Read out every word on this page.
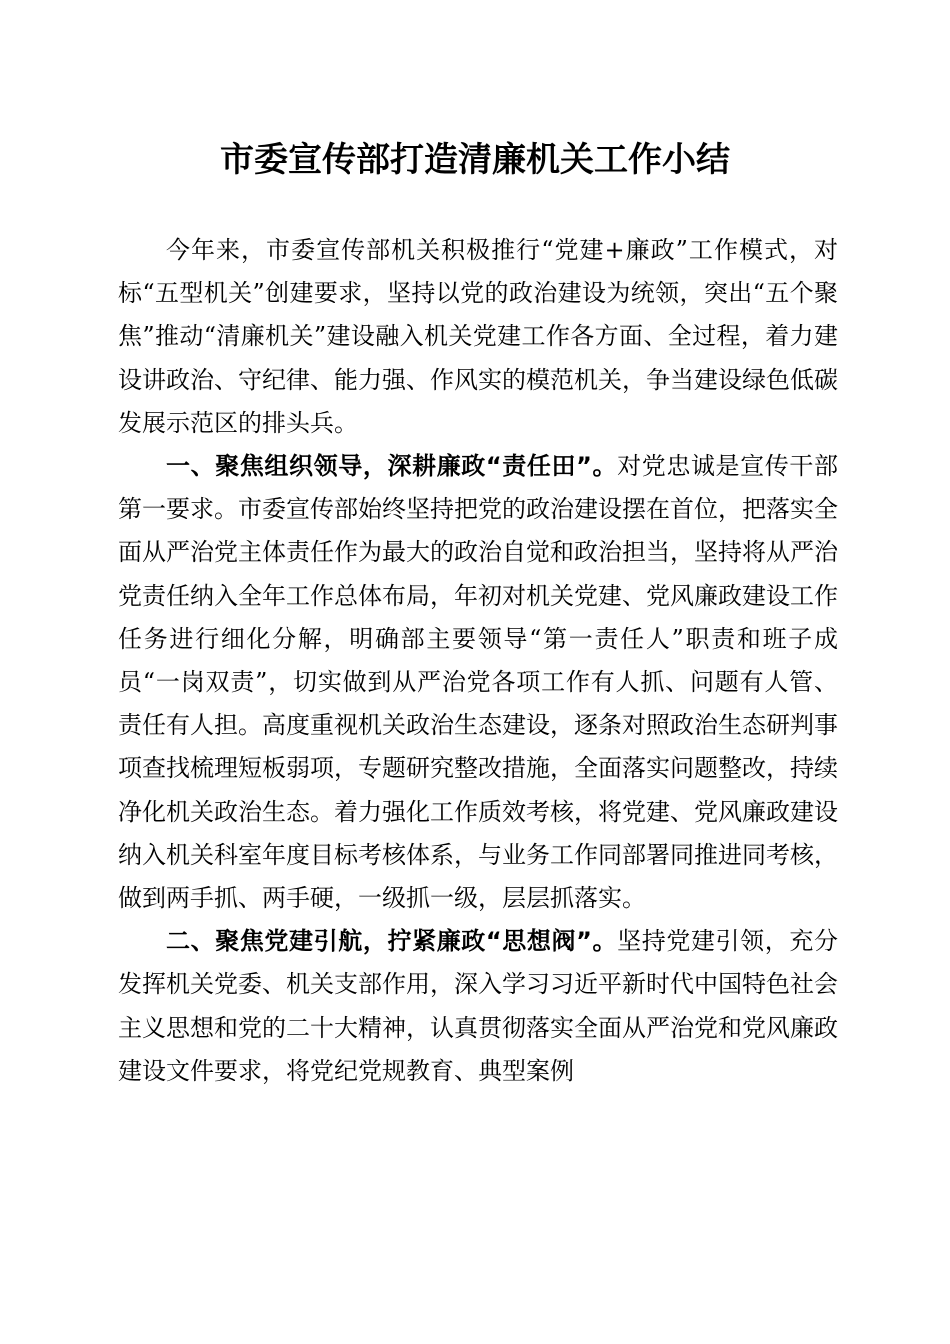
市委宣传部打造清廉机关工作小结

今年来，市委宣传部机关积极推行“党建+廉政”工作模式，对标“五型机关”创建要求，坚持以党的政治建设为统领，突出“五个聚焦”推动“清廉机关”建设融入机关党建工作各方面、全过程，着力建设讲政治、守纪律、能力强、作风实的模范机关，争当建设绿色低碳发展示范区的排头兵。

一、聚焦组织领导，深耕廉政“责任田”。对党忠诚是宣传干部第一要求。市委宣传部始终坚持把党的政治建设摆在首位，把落实全面从严治党主体责任作为最大的政治自觉和政治担当，坚持将从严治党责任纳入全年工作总体布局，年初对机关党建、党风廉政建设工作任务进行细化分解，明确部主要领导“第一责任人”职责和班子成员“一岗双责”，切实做到从严治党各项工作有人抓、问题有人管、责任有人担。高度重视机关政治生态建设，逐条对照政治生态研判事项查找梳理短板弱项，专题研究整改措施，全面落实问题整改，持续净化机关政治生态。着力强化工作质效考核，将党建、党风廉政建设纳入机关科室年度目标考核体系，与业务工作同部署同推进同考核，做到两手抓、两手硬，一级抓一级，层层抓落实。

二、聚焦党建引航，拧紧廉政“思想阀”。坚持党建引领，充分发挥机关党委、机关支部作用，深入学习习近平新时代中国特色社会主义思想和党的二十大精神，认真贯彻落实全面从严治党和党风廉政建设文件要求，将党纪党规教育、典型案例
